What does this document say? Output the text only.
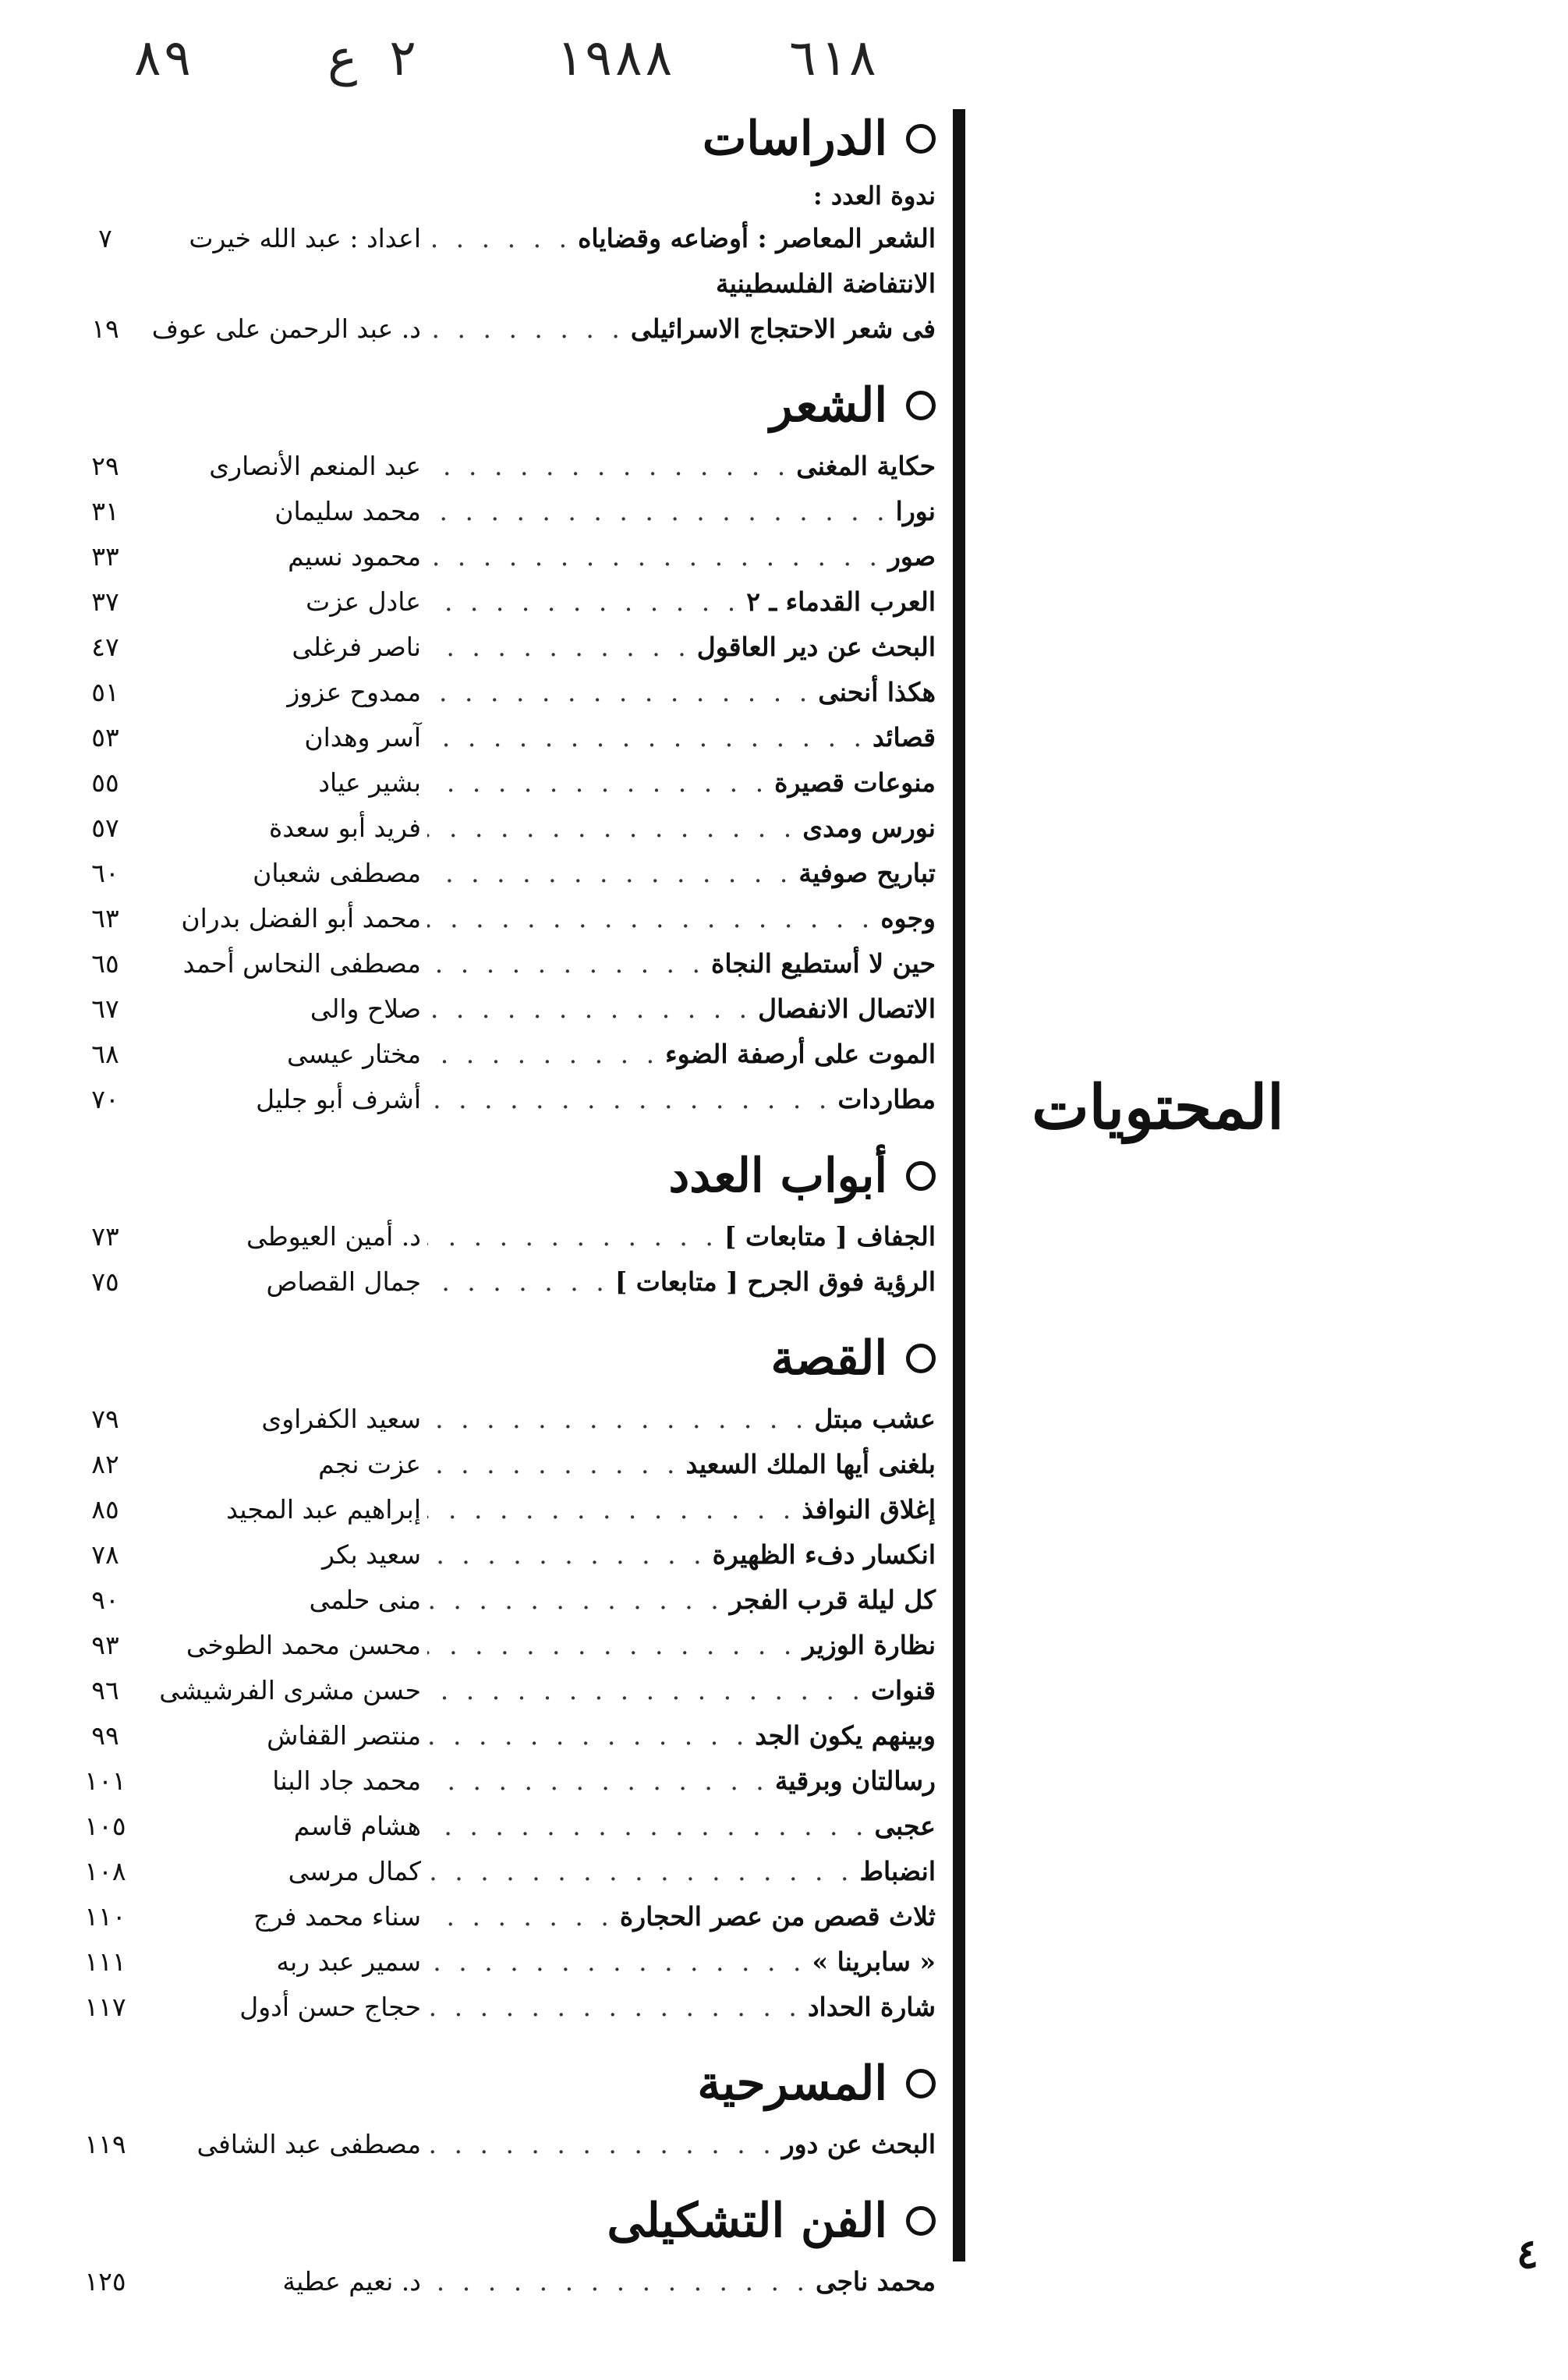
٨٩	٢ ع	١٩٨٨ ٦١٨
المحتويات
٤
الدراسات
ندوة العدد :
الشعر المعاصر : أوضاعه وقضاياه
. . .
اعداد : عبد الله خيرت
٧
الانتفاضة الفلسطينية
فى شعر الاحتجاج الاسرائيلى
. . .
د. عبد الرحمن على عوف
١٩
الشعر
حكاية المغنى
. . .
عبد المنعم الأنصارى
٢٩
نورا
. . .
محمد سليمان
٣١
صور
. . .
محمود نسيم
٣٣
العرب القدماء ـ ٢
. . .
عادل عزت
٣٧
البحث عن دير العاقول
. . .
ناصر فرغلى
٤٧
هكذا أنحنى
. . .
ممدوح عزوز
٥١
قصائد
. . .
آسر وهدان
٥٣
منوعات قصيرة
. . .
بشير عياد
٥٥
نورس ومدى
. . .
فريد أبو سعدة
٥٧
تباريح صوفية
. . .
مصطفى شعبان
٦٠
وجوه
. . .
محمد أبو الفضل بدران
٦٣
حين لا أستطيع النجاة
. . .
مصطفى النحاس أحمد
٦٥
الاتصال الانفصال
. . .
صلاح والى
٦٧
الموت على أرصفة الضوء
. . .
مختار عيسى
٦٨
مطاردات
. . .
أشرف أبو جليل
٧٠
أبواب العدد
الجفاف [ متابعات ]
. . .
د. أمين العيوطى
٧٣
الرؤية فوق الجرح [ متابعات ]
. . .
جمال القصاص
٧٥
القصة
عشب مبتل
. . .
سعيد الكفراوى
٧٩
بلغنى أيها الملك السعيد
. . .
عزت نجم
٨٢
إغلاق النوافذ
. . .
إبراهيم عبد المجيد
٨٥
انكسار دفء الظهيرة
. . .
سعيد بكر
٧٨
كل ليلة قرب الفجر
. . .
منى حلمى
٩٠
نظارة الوزير
. . .
محسن محمد الطوخى
٩٣
قنوات
. . .
حسن مشرى الفرشيشى
٩٦
وبينهم يكون الجد
. . .
منتصر القفاش
٩٩
رسالتان وبرقية
. . .
محمد جاد البنا
١٠١
عجبى
. . .
هشام قاسم
١٠٥
انضباط
. . .
كمال مرسى
١٠٨
ثلاث قصص من عصر الحجارة
. . .
سناء محمد فرج
١١٠
« سابرينا »
. . .
سمير عبد ربه
١١١
شارة الحداد
. . .
حجاج حسن أدول
١١٧
المسرحية
البحث عن دور
. . .
مصطفى عبد الشافى
١١٩
الفن التشكيلى
محمد ناجى
. . .
د. نعيم عطية
١٢٥
